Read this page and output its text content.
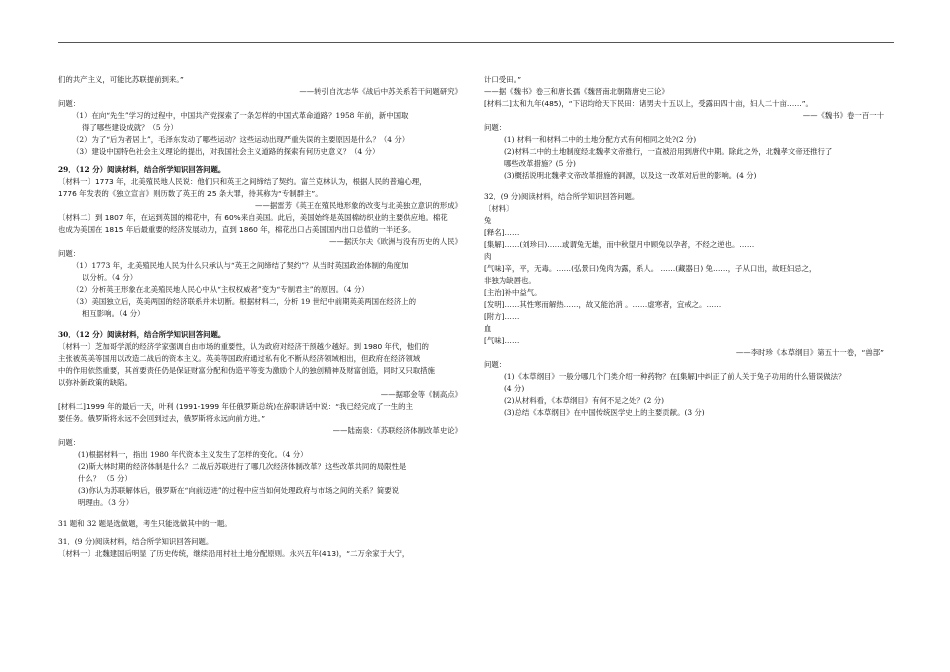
们的共产主义，可能比苏联提前到来。”
——转引自沈志华《战后中苏关系若干问题研究》
问题：
（1）在向“先生”学习的过程中，中国共产党探索了一条怎样的中国式革命道路？1958 年前，新中国取
得了哪些建设成就？（5 分）
（2）为了“后为者居上”，毛泽东发动了哪些运动？这些运动出现严重失误的主要原因是什么？（4 分）
（3）建设中国特色社会主义理论的提出，对我国社会主义道路的探索有何历史意义？（4 分）
29．（12 分）阅读材料，结合所学知识回答问题。
〔材料一〕1773 年，北美殖民地人民说：他们只和英王之间缔结了契约。富兰克林认为，根据人民的普遍心理，
1776 年发表的《独立宣言》则历数了英王的 25 条大罪，待其称为“专制群主”。
——据雷芳《英王在殖民地形象的改变与北美独立意识的形成》
〔材料二〕到 1807 年，在运到英国的棉花中，有 60%来自美国。此后，美国始终是英国棉纺织业的主要供应地。棉花
也成为美国在 1815 年后最重要的经济发展动力，直到 1860 年，棉花出口占美国国内出口总值的一半还多。
——据沃尔夫《欧洲与没有历史的人民》
问题：
（1）1773 年，北美殖民地人民为什么只承认与“英王之间缔结了契约”？从当时英国政治体制的角度加
以分析。（4 分）
（2）分析英王形象在北美殖民地人民心中从“主权权威者”变为“专制君主”的原因。（4 分）
（3）美国独立后，英美两国的经济联系并未切断。根据材料二，分析 19 世纪中前期英美两国在经济上的
相互影响。（4 分）
30．（12 分）阅读材料，结合所学知识回答问题。
〔材料一〕芝加哥学派的经济学家强调自由市场的重要性，认为政府对经济干预越少越好。到 1980 年代，他们的
主张被英美等国用以改造二战后的资本主义。英美等国政府通过私有化不断从经济领域相出，但政府在经济领域
中的作用依然重要，其首要责任仍是保证财富分配和伪造平等变为激励个人的独创精神及财富创造，同时又只取措施
以弥补新政策的缺陷。
——据耶金等《制高点》
[材料二]1999 年的最后一天，叶利 (1991-1999 年任俄罗斯总统)在辞职讲话中说：“我已经完成了一生的主
要任务。俄罗斯将永远不会回到过去，俄罗斯将永远向前方进。”
——陆南泉：《苏联经济体制改革史论》
问题：
(1)根据材料一，指出 1980 年代资本主义发生了怎样的变化。（4 分）
(2)斯大林时期的经济体制是什么？二战后苏联进行了哪几次经济体制改革？这些改革共同的局限性是
什么？ （5 分）
(3)你认为苏联解体后，俄罗斯在“向前迈进”的过程中应当如何处理政府与市场之间的关系？简要说
明理由。（3 分）
31 题和 32 题是选做题，考生只能选做其中的一题。
31．(9 分)阅读材料，结合所学知识回答问题。
〔材料一〕北魏建国后明显 了历史传统，继续沿用村社土地分配原则。永兴五年(413)，“二万余家于大宁，
计口受田。”
——据《魏书》卷三和唐长孺《魏晋南北朝隋唐史三论》
[材料二]太和九年(485)，“下诏均给天下民田：诸男夫十五以上，受露田四十亩，妇人二十亩……”。
——《魏书》卷一百一十
问题：
(1) 材料一和材料二中的土地分配方式有何相同之处?(2 分)
(2)材料二中的土地制度经北魏孝文帝推行，一直被沿用到唐代中期。除此之外，北魏孝文帝还推行了
哪些改革措施？(5 分)
(3)概括说明北魏孝文帝改革措施的洞源，以及这一改革对后世的影响。(4 分)
32．(9 分)阅读材料，结合所学知识回答问题。
〔材料〕
兔
[释名]……
[集解]……(刘珍曰)……或谓兔无雄，而中秋望月中顾兔以孕者，不经之逆也。……
肉
[气味]辛，平，无毒。……(弘景曰)兔肉为露，系人。 ……(藏器日) 兔……，子从口出，故旺妇忌之，
非独为缺唇也。
[主治]补中益气。
[发明]……其性寒而解热……，故又能治消 。……虚寒者，宜戒之。……
[附方]……
血
[气味]……
——李时珍《本草纲目》第五十一卷，“兽部”
问题：
(1)《本草纲目》一般分哪几个门类介绍一种药物？在[集解]中纠正了前人关于兔子功用的什么错误做法？
(4 分)
(2)从材料看，《本草纲目》有何不足之处？(2 分)
(3)总结《本草纲目》在中国传统医学史上的主要贡献。(3 分)
